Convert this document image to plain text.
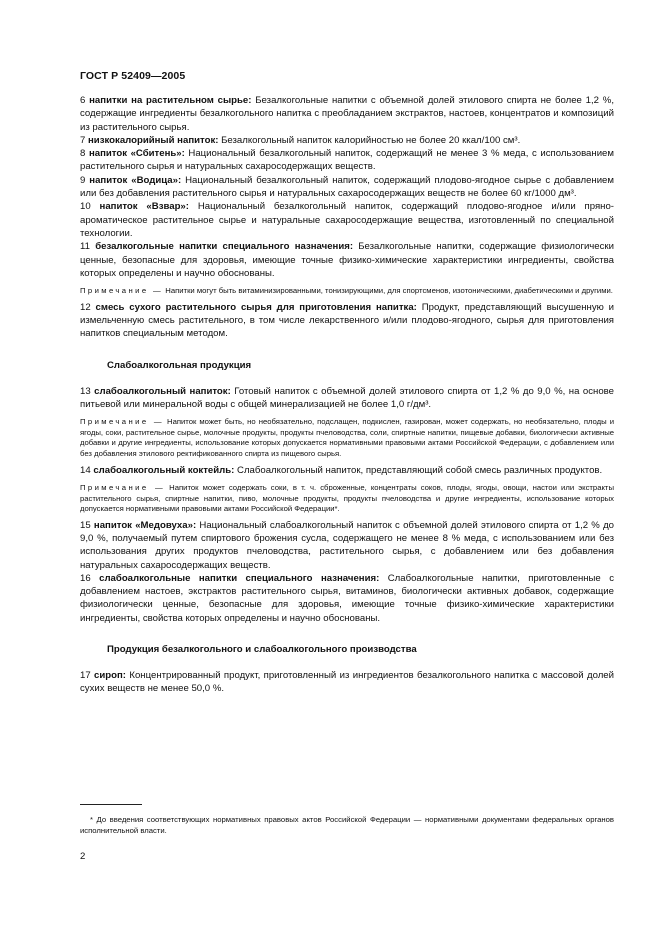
ГОСТ Р 52409—2005

6 напитки на растительном сырье: Безалкогольные напитки с объемной долей этилового спирта не более 1,2 %, содержащие ингредиенты безалкогольного напитка с преобладанием экстрактов, настоев, концентратов и композиций из растительного сырья.

7 низкокалорийный напиток: Безалкогольный напиток калорийностью не более 20 ккал/100 см³.

8 напиток «Сбитень»: Национальный безалкогольный напиток, содержащий не менее 3 % меда, с использованием растительного сырья и натуральных сахаросодержащих веществ.

9 напиток «Водица»: Национальный безалкогольный напиток, содержащий плодово-ягодное сырье с добавлением или без добавления растительного сырья и натуральных сахаросодержащих веществ не более 60 кг/1000 дм³.

10 напиток «Взвар»: Национальный безалкогольный напиток, содержащий плодово-ягодное и/или пряно-ароматическое растительное сырье и натуральные сахаросодержащие вещества, изготовленный по специальной технологии.

11 безалкогольные напитки специального назначения: Безалкогольные напитки, содержащие физиологически ценные, безопасные для здоровья, имеющие точные физико-химические характеристики ингредиенты, свойства которых определены и научно обоснованы.

Примечание — Напитки могут быть витаминизированными, тонизирующими, для спортсменов, изотоническими, диабетическими и другими.

12 смесь сухого растительного сырья для приготовления напитка: Продукт, представляющий высушенную и измельченную смесь растительного, в том числе лекарственного и/или плодово-ягодного, сырья для приготовления напитков специальным методом.

Слабоалкогольная продукция

13 слабоалкогольный напиток: Готовый напиток с объемной долей этилового спирта от 1,2 % до 9,0 %, на основе питьевой или минеральной воды с общей минерализацией не более 1,0 г/дм³.

Примечание — Напиток может быть, но необязательно, подслащен, подкислен, газирован, может содержать, но необязательно, плоды и ягоды, соки, растительное сырье, молочные продукты, продукты пчеловодства, соли, спиртные напитки, пищевые добавки, биологически активные добавки и другие ингредиенты, использование которых допускается нормативными правовыми актами Российской Федерации, с добавлением или без добавления этилового ректификованного спирта из пищевого сырья.

14 слабоалкогольный коктейль: Слабоалкогольный напиток, представляющий собой смесь различных продуктов.

Примечание — Напиток может содержать соки, в т. ч. сброженные, концентраты соков, плоды, ягоды, овощи, настои или экстракты растительного сырья, спиртные напитки, пиво, молочные продукты, продукты пчеловодства и другие ингредиенты, использование которых допускается нормативными правовыми актами Российской Федерации*.

15 напиток «Медовуха»: Национальный слабоалкогольный напиток с объемной долей этилового спирта от 1,2 % до 9,0 %, получаемый путем спиртового брожения сусла, содержащего не менее 8 % меда, с использованием или без использования других продуктов пчеловодства, растительного сырья, с добавлением или без добавления натуральных сахаросодержащих веществ.

16 слабоалкогольные напитки специального назначения: Слабоалкогольные напитки, приготовленные с добавлением настоев, экстрактов растительного сырья, витаминов, биологически активных добавок, содержащие физиологически ценные, безопасные для здоровья, имеющие точные физико-химические характеристики ингредиенты, свойства которых определены и научно обоснованы.

Продукция безалкогольного и слабоалкогольного производства

17 сироп: Концентрированный продукт, приготовленный из ингредиентов безалкогольного напитка с массовой долей сухих веществ не менее 50,0 %.

* До введения соответствующих нормативных правовых актов Российской Федерации — нормативными документами федеральных органов исполнительной власти.

2
